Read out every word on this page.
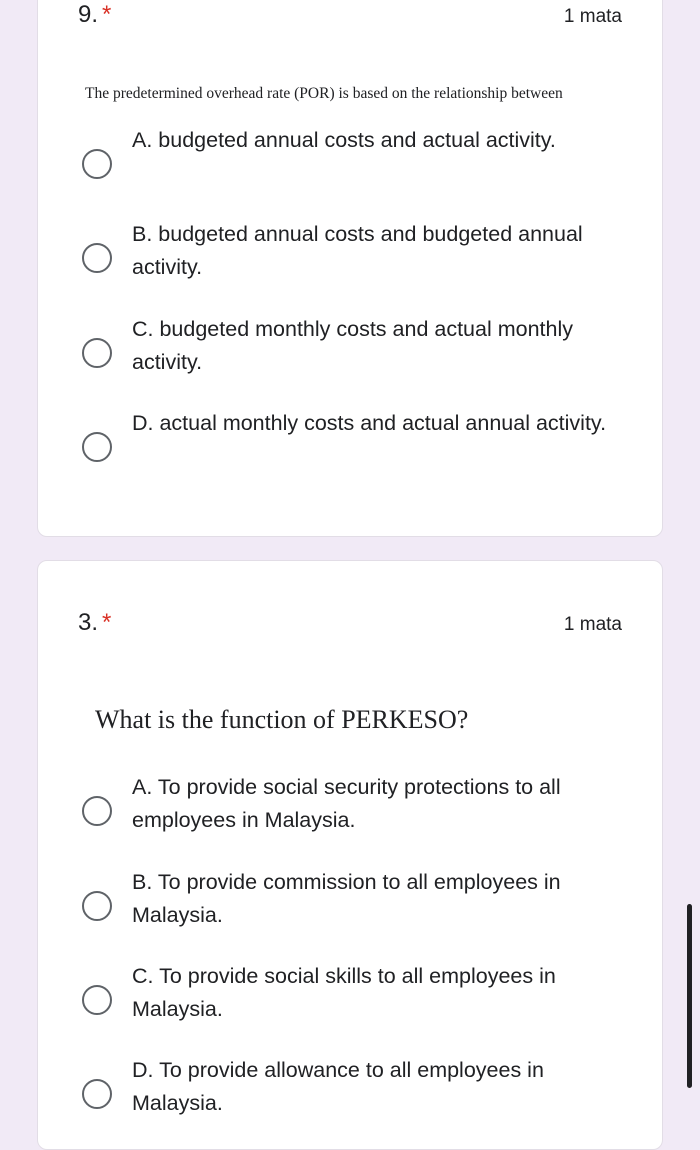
9. *	1 mata
The predetermined overhead rate (POR) is based on the relationship between
A. budgeted annual costs and actual activity.
B. budgeted annual costs and budgeted annual activity.
C. budgeted monthly costs and actual monthly activity.
D. actual monthly costs and actual annual activity.
3. *	1 mata
What is the function of PERKESO?
A. To provide social security protections to all employees in Malaysia.
B. To provide commission to all employees in Malaysia.
C. To provide social skills to all employees in Malaysia.
D. To provide allowance to all employees in Malaysia.
